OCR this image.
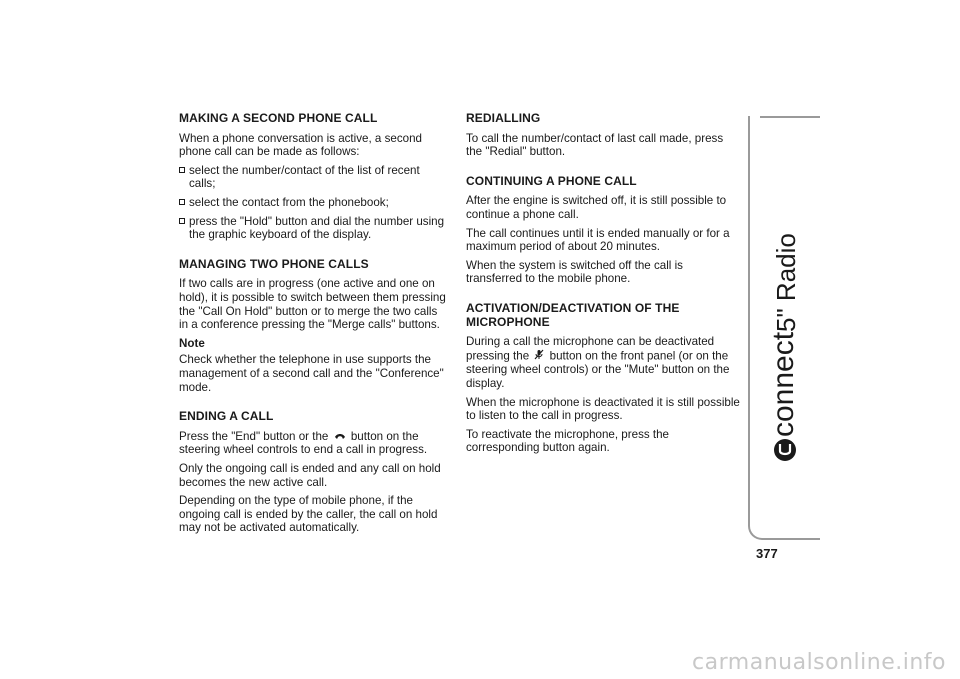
MAKING A SECOND PHONE CALL

When a phone conversation is active, a second phone call can be made as follows:

select the number/contact of the list of recent calls;
select the contact from the phonebook;
press the "Hold" button and dial the number using the graphic keyboard of the display.
MANAGING TWO PHONE CALLS

If two calls are in progress (one active and one on hold), it is possible to switch between them pressing the "Call On Hold" button or to merge the two calls in a conference pressing the "Merge calls" buttons.

Note

Check whether the telephone in use supports the management of a second call and the "Conference" mode.

ENDING A CALL

Press the "End" button or the button on the steering wheel controls to end a call in progress.

Only the ongoing call is ended and any call on hold becomes the new active call.

Depending on the type of mobile phone, if the ongoing call is ended by the caller, the call on hold may not be activated automatically.

REDIALLING

To call the number/contact of last call made, press the "Redial" button.

CONTINUING A PHONE CALL

After the engine is switched off, it is still possible to continue a phone call.

The call continues until it is ended manually or for a maximum period of about 20 minutes.

When the system is switched off the call is transferred to the mobile phone.

ACTIVATION/DEACTIVATION OF THE MICROPHONE

During a call the microphone can be deactivated pressing the button on the front panel (or on the steering wheel controls) or the "Mute" button on the display.

When the microphone is deactivated it is still possible to listen to the call in progress.

To reactivate the microphone, press the corresponding button again.

connect
5" Radio
377
carmanualsonline.info
